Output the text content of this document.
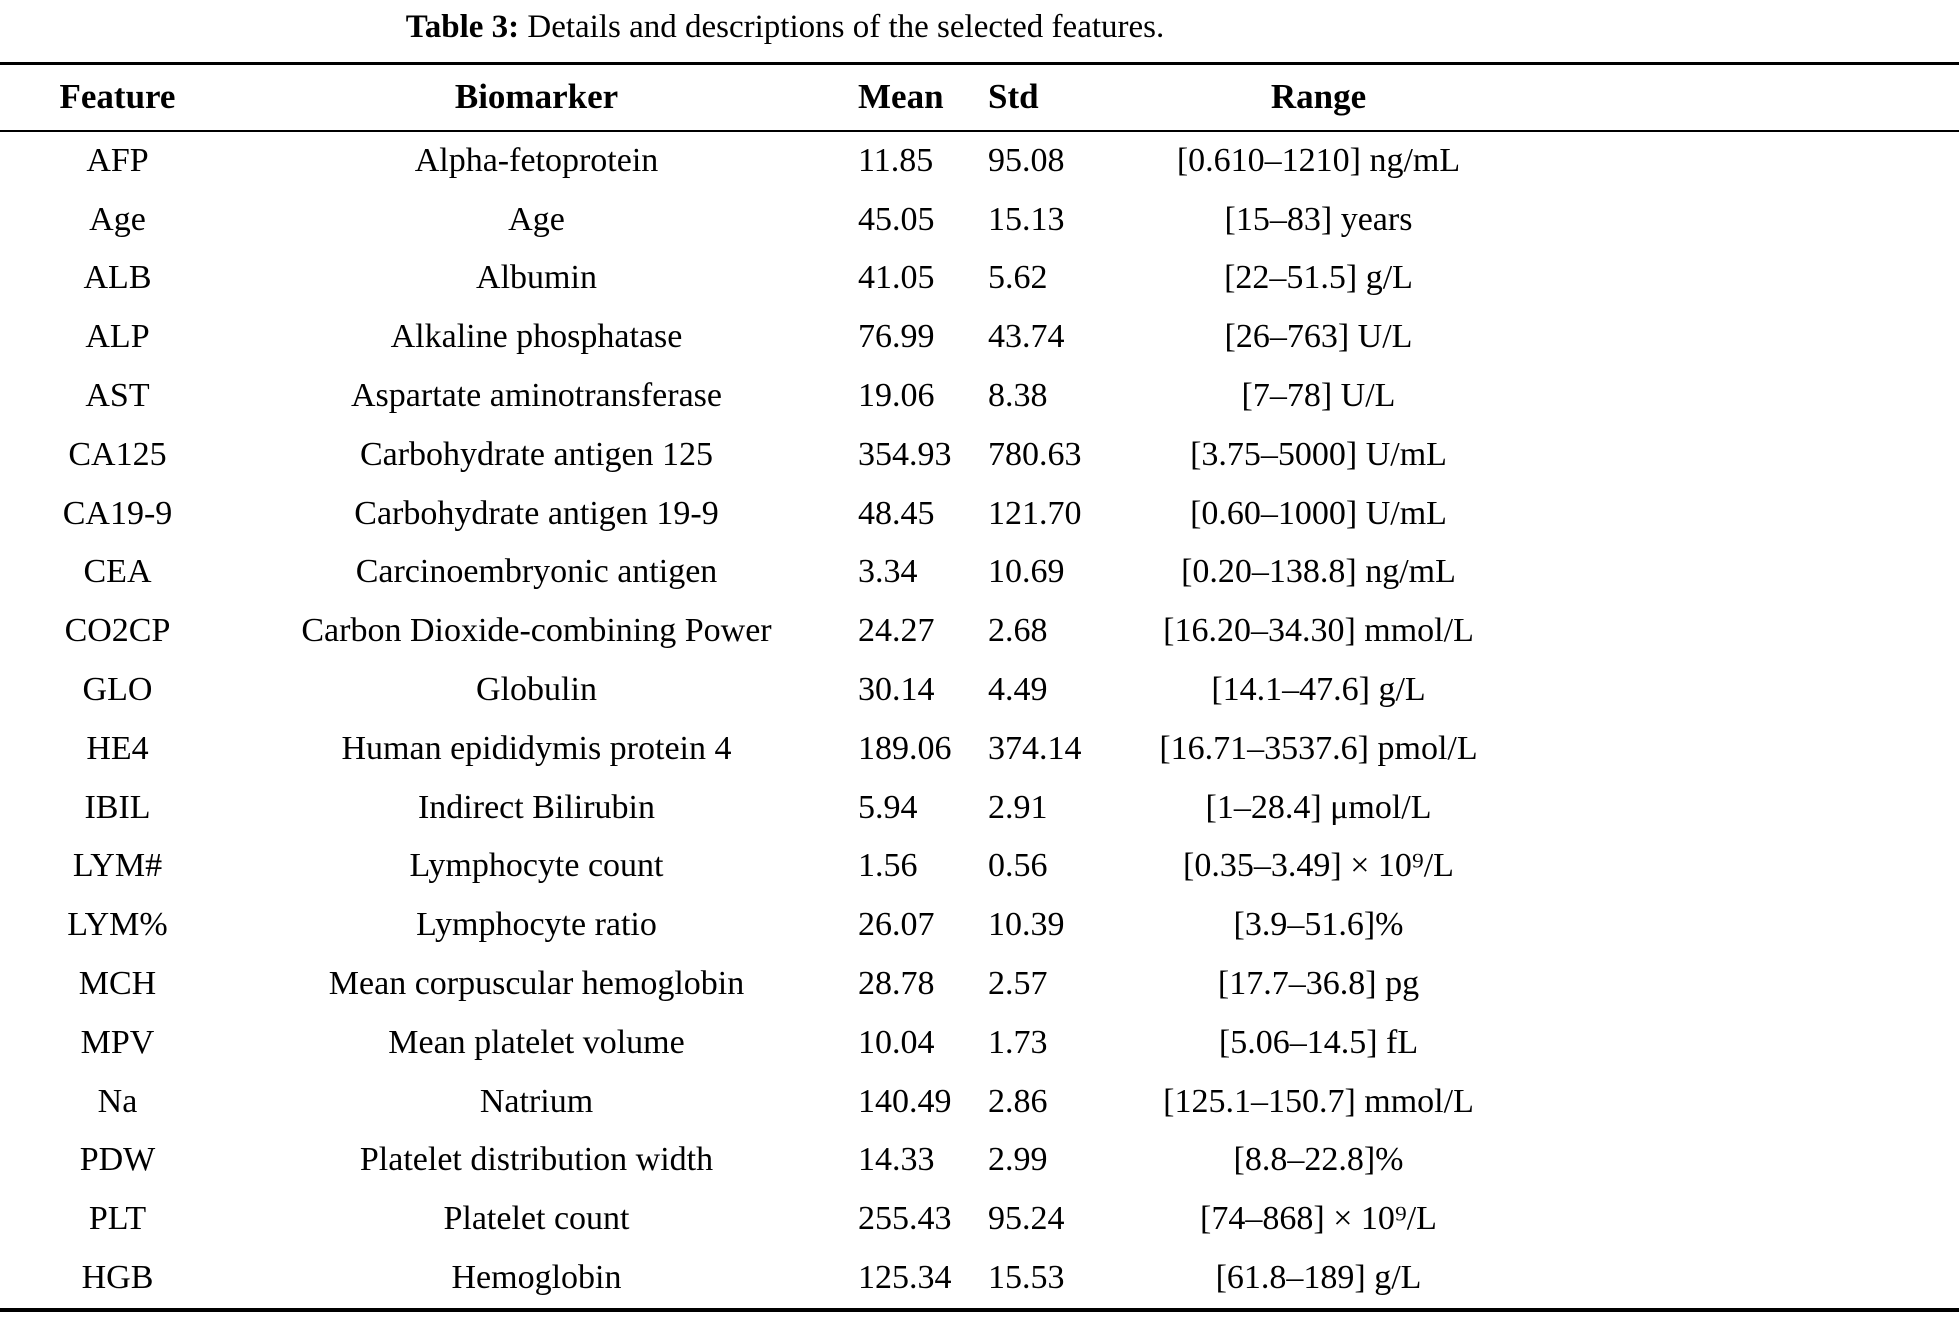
Table 3: Details and descriptions of the selected features.
Feature	Biomarker	Mean	Std	Range
AFP	Alpha-fetoprotein	11.85	95.08	[0.610–1210] ng/mL
Age	Age	45.05	15.13	[15–83] years
ALB	Albumin	41.05	5.62	[22–51.5] g/L
ALP	Alkaline phosphatase	76.99	43.74	[26–763] U/L
AST	Aspartate aminotransferase	19.06	8.38	[7–78] U/L
CA125	Carbohydrate antigen 125	354.93	780.63	[3.75–5000] U/mL
CA19-9	Carbohydrate antigen 19-9	48.45	121.70	[0.60–1000] U/mL
CEA	Carcinoembryonic antigen	3.34	10.69	[0.20–138.8] ng/mL
CO2CP	Carbon Dioxide-combining Power	24.27	2.68	[16.20–34.30] mmol/L
GLO	Globulin	30.14	4.49	[14.1–47.6] g/L
HE4	Human epididymis protein 4	189.06	374.14	[16.71–3537.6] pmol/L
IBIL	Indirect Bilirubin	5.94	2.91	[1–28.4] μmol/L
LYM#	Lymphocyte count	1.56	0.56	[0.35–3.49] × 10⁹/L
LYM%	Lymphocyte ratio	26.07	10.39	[3.9–51.6]%
MCH	Mean corpuscular hemoglobin	28.78	2.57	[17.7–36.8] pg
MPV	Mean platelet volume	10.04	1.73	[5.06–14.5] fL
Na	Natrium	140.49	2.86	[125.1–150.7] mmol/L
PDW	Platelet distribution width	14.33	2.99	[8.8–22.8]%
PLT	Platelet count	255.43	95.24	[74–868] × 10⁹/L
HGB	Hemoglobin	125.34	15.53	[61.8–189] g/L
